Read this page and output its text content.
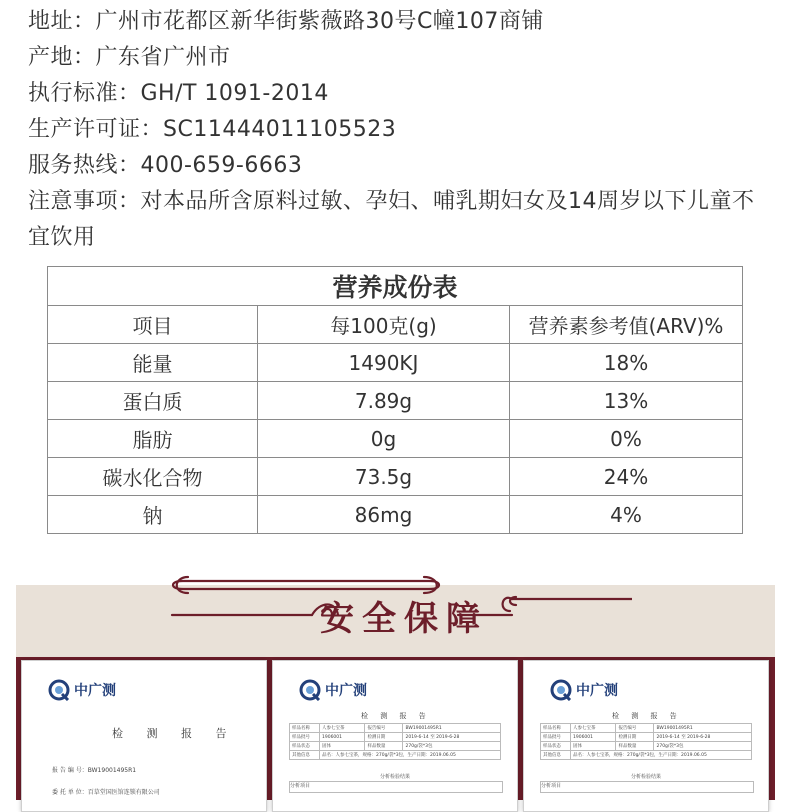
地址：广州市花都区新华街紫薇路30号C幢107商铺
产地：广东省广州市
执行标准：GH/T 1091-2014
生产许可证：SC11444011105523
服务热线：400-659-6663
注意事项：对本品所含原料过敏、孕妇、哺乳期妇女及14周岁以下儿童不宜饮用
营养成份表		
项目	每100克(g)	营养素参考值(ARV)%
能量	1490KJ	18%
蛋白质	7.89g	13%
脂肪	0g	0%
碳水化合物	73.5g	24%
钠	86mg	4%
安全保障
中广测
检 测 报 告
报 告 编 号：BW19001495R1
委 托 单 位：百草堂国医馆连锁有限公司
中广测
检 测 报 告
样品名称	人参七宝茶	报告编号	BW19001495R1
样品批号	1906001	检测日期	2019-6-14 至 2019-6-28
样品状态	固体	样品数量	270g/袋*3包
其他信息	品名：人参七宝茶，规格：270g/袋*3包，生产日期：2019.06.05		
分析检验结果
分析项目
中广测
检 测 报 告
样品名称	人参七宝茶	报告编号	BW19001495R1
样品批号	1906001	检测日期	2019-6-14 至 2019-6-28
样品状态	固体	样品数量	270g/袋*3包
其他信息	品名：人参七宝茶，规格：270g/袋*3包，生产日期：2019.06.05		
分析检验结果
分析项目
